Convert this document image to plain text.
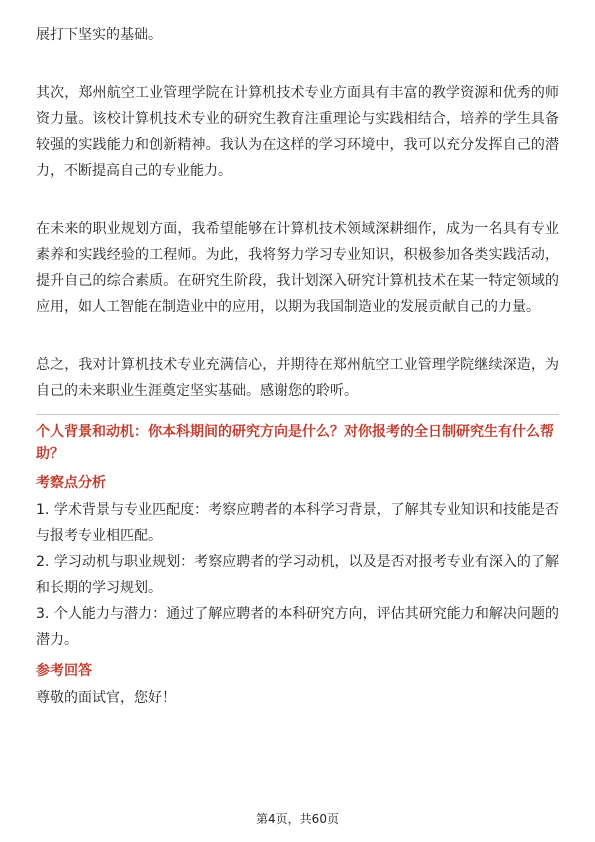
展打下坚实的基础。

其次，郑州航空工业管理学院在计算机技术专业方面具有丰富的教学资源和优秀的师资力量。该校计算机技术专业的研究生教育注重理论与实践相结合，培养的学生具备较强的实践能力和创新精神。我认为在这样的学习环境中，我可以充分发挥自己的潜力，不断提高自己的专业能力。

在未来的职业规划方面，我希望能够在计算机技术领域深耕细作，成为一名具有专业素养和实践经验的工程师。为此，我将努力学习专业知识，积极参加各类实践活动，提升自己的综合素质。在研究生阶段，我计划深入研究计算机技术在某一特定领域的应用，如人工智能在制造业中的应用，以期为我国制造业的发展贡献自己的力量。

总之，我对计算机技术专业充满信心，并期待在郑州航空工业管理学院继续深造，为自己的未来职业生涯奠定坚实基础。感谢您的聆听。

个人背景和动机：你本科期间的研究方向是什么？对你报考的全日制研究生有什么帮助？

考察点分析
1. 学术背景与专业匹配度：考察应聘者的本科学习背景，了解其专业知识和技能是否与报考专业相匹配。
2. 学习动机与职业规划：考察应聘者的学习动机，以及是否对报考专业有深入的了解和长期的学习规划。
3. 个人能力与潜力：通过了解应聘者的本科研究方向，评估其研究能力和解决问题的潜力。
参考回答

尊敬的面试官，您好！

第4页，共60页
